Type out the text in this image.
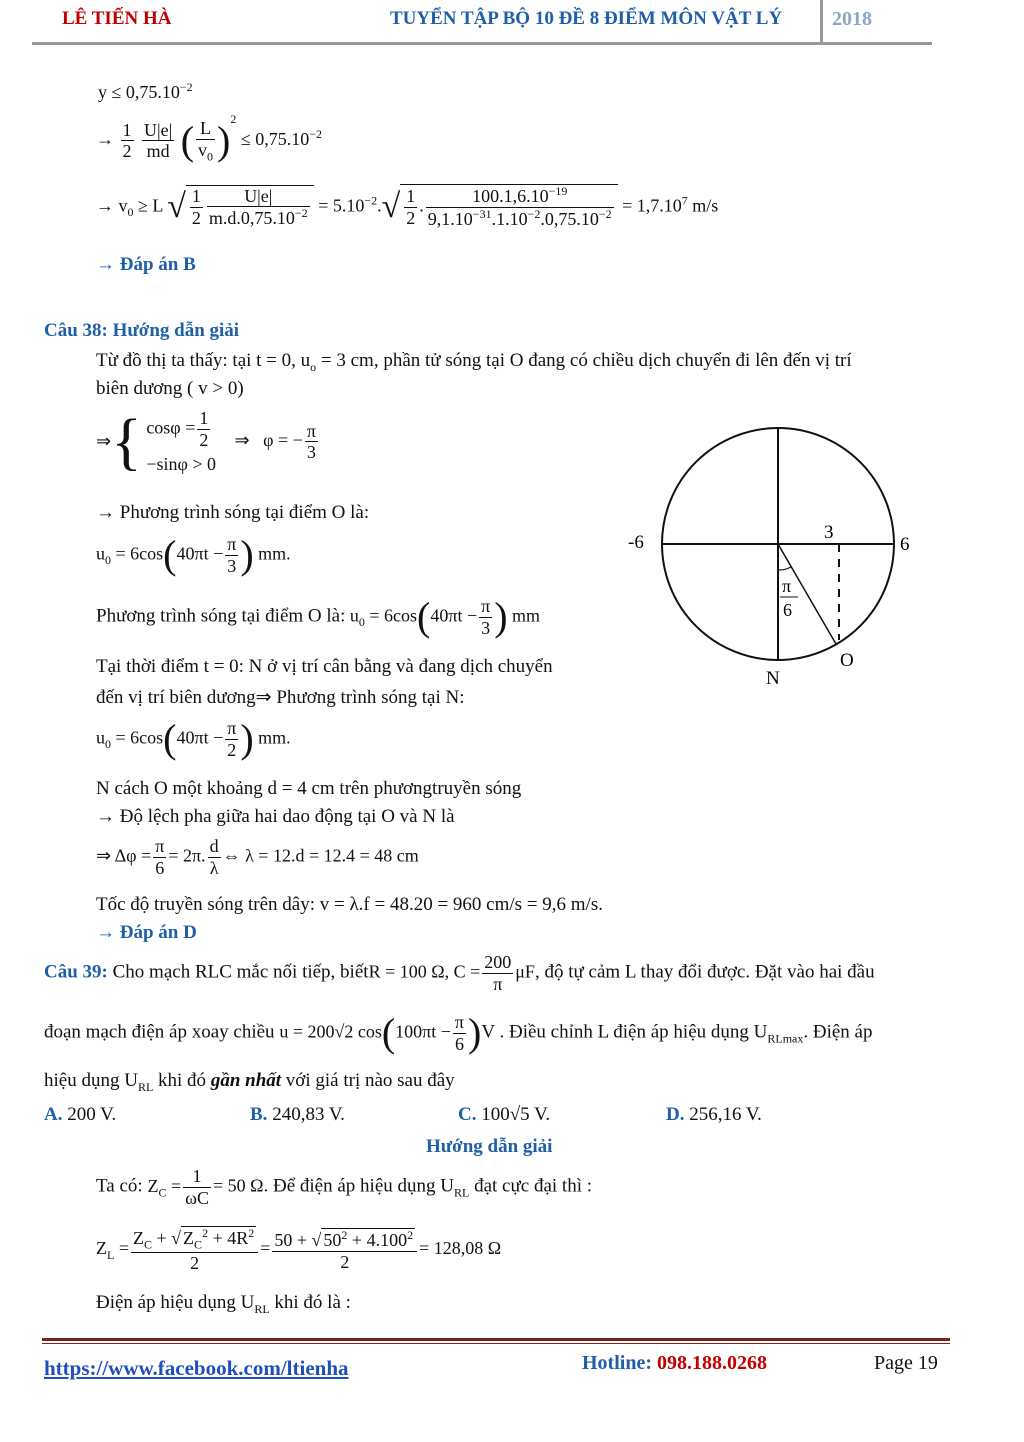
LÊ TIẾN HÀ	TUYỂN TẬP BỘ 10 ĐỀ 8 ĐIỂM MÔN VẬT LÝ 2018
$y \le 0,75.10^{-2}$
→ $\frac{1}{2}$
$\frac{U|e|}{md}$ ( $\frac{L}{v_0} )^2 \le 0,75.10^{-2}$
→ $v_0 \ge L$ √ $\frac{1}{2} \frac{U|e|}{m.d.0,75.10^{-2}} = 5.10^{-2}.√ \frac{1}{2}$ . $\frac{100.1,6.10^{-19}}{9,1.10^{-31}.1.10^{-2}.0,75.10^{-2}} = 1,7.10^7$ m/s
→ Đáp án B
Câu 38: Hướng dẫn giải
Từ đồ thị ta thấy: tại t = 0, $u_o = 3$ cm, phần tử sóng tại O đang có chiều dịch chuyển đi lên đến vị trí
biên dương ( v > 0)
⇒{ $\cos\varphi = \frac{1}{2}$
−sinφ > 0
⇒   φ = − $\frac{\pi}{3}$
→ Phương trình sóng tại điểm O là:
$u_0 = 6\cos(40\pi t - \frac{\pi}{3}$ ) mm.
Phương trình sóng tại điểm O là: $u_0 = 6\cos(40\pi t - \frac{\pi}{3}$ ) mm
Tại thời điểm t = 0: N ở vị trí cân bằng và đang dịch chuyển
đến vị trí biên dương⇒ Phương trình sóng tại N:
$u_0 = 6\cos(40\pi t - \frac{\pi}{2}$ ) mm.
N cách O một khoảng d = 4 cm trên phươngtruyền sóng
→ Độ lệch pha giữa hai dao động tại O và N là
⇒ $\Delta\varphi = \frac{\pi}{6} = 2\pi$. $\frac{d}{\lambda}$ ⇔ λ = 12.d = 12.4 = 48 cm
Tốc độ truyền sóng trên dây: v = λ.f = 48.20 = 960 cm/s = 9,6 m/s.
→ Đáp án D
-6	6
3
π
6
O
N
Câu 39: Cho mạch RLC mắc nối tiếp, biếtR = 100 Ω, $C = \frac{200}{\pi} \mu F$, độ tự cảm L thay đổi được. Đặt vào hai đầu
đoạn mạch điện áp xoay chiều u = 200√2 $\cos(100\pi t - \frac{\pi}{6} )V$ . Điều chỉnh L điện áp hiệu dụng $U_{RLmax}$. Điện áp
hiệu dụng $U_{RL}$ khi đó gần nhất với giá trị nào sau đây
A. 200 V.	B. 240,83 V.	C. 100√5 V.	D. 256,16 V.
Hướng dẫn giải
Ta có: $Z_C = \frac{1}{\omega C} = 50$ Ω. Để điện áp hiệu dụng $U_{RL}$ đạt cực đại thì :
$Z_L = \frac{Z_C + √ Z_C^2 + 4R^2}{2} = \frac{50 + √ 50^2 + 4.100^2}{2} = 128,08$ Ω
Điện áp hiệu dụng $U_{RL}$ khi đó là :
https://www.facebook.com/ltienha	Hotline: 098.188.0268	Page 19
